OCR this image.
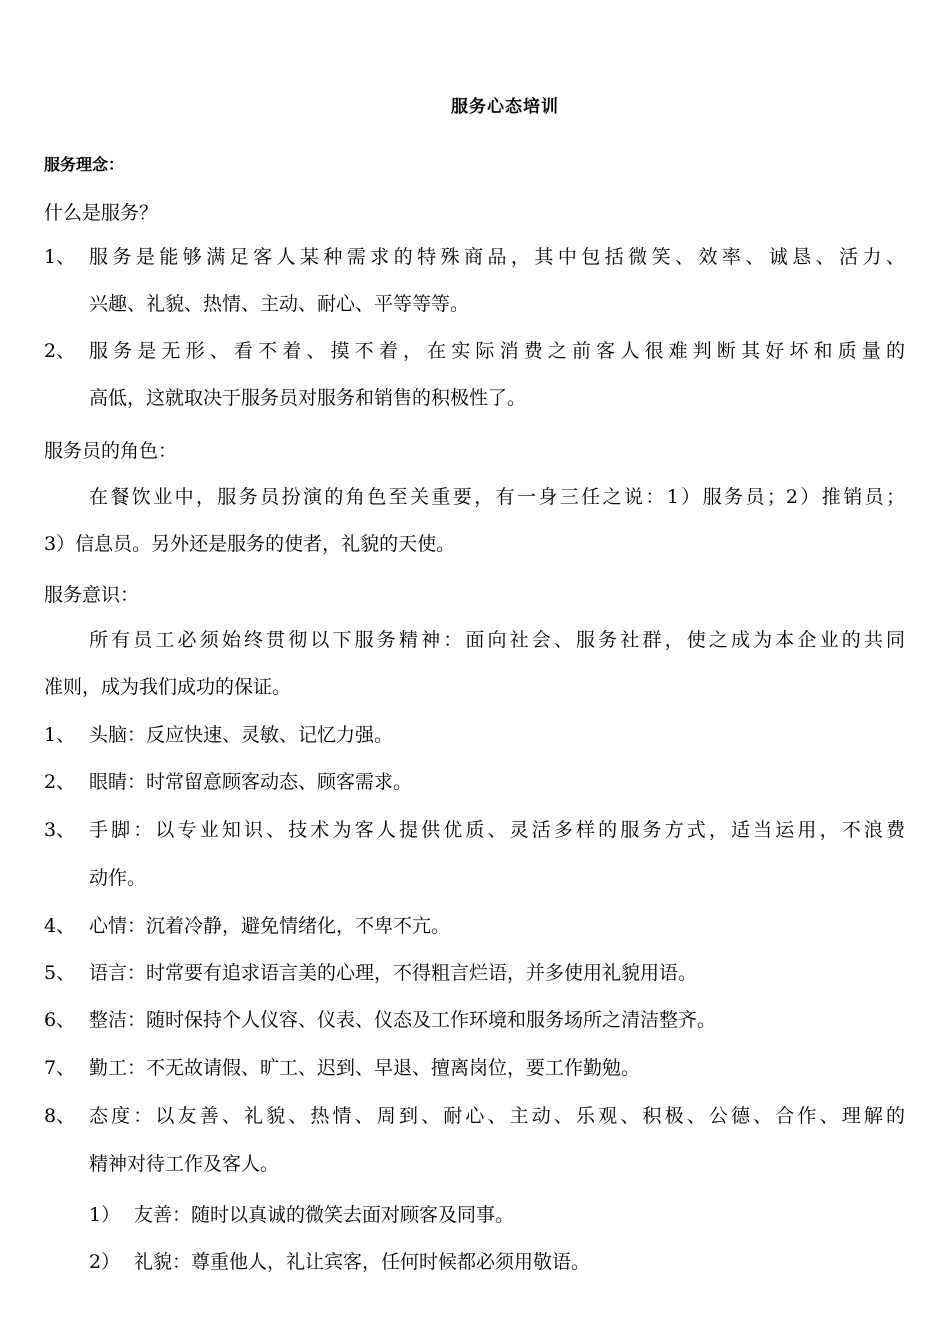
服务心态培训
服务理念：
什么是服务？
1、 服务是能够满足客人某种需求的特殊商品，其中包括微笑、效率、诚恳、活力、
兴趣、礼貌、热情、主动、耐心、平等等等。
2、 服务是无形、看不着、摸不着，在实际消费之前客人很难判断其好坏和质量的
高低，这就取决于服务员对服务和销售的积极性了。
服务员的角色：
在餐饮业中，服务员扮演的角色至关重要，有一身三任之说：1）服务员；2）推销员；
3）信息员。另外还是服务的使者，礼貌的天使。
服务意识：
所有员工必须始终贯彻以下服务精神：面向社会、服务社群，使之成为本企业的共同
准则，成为我们成功的保证。
1、 头脑：反应快速、灵敏、记忆力强。
2、 眼睛：时常留意顾客动态、顾客需求。
3、 手脚：以专业知识、技术为客人提供优质、灵活多样的服务方式，适当运用，不浪费
动作。
4、 心情：沉着冷静，避免情绪化，不卑不亢。
5、 语言：时常要有追求语言美的心理，不得粗言烂语，并多使用礼貌用语。
6、 整洁：随时保持个人仪容、仪表、仪态及工作环境和服务场所之清洁整齐。
7、 勤工：不无故请假、旷工、迟到、早退、擅离岗位，要工作勤勉。
8、 态度：以友善、礼貌、热情、周到、耐心、主动、乐观、积极、公德、合作、理解的
精神对待工作及客人。
1） 友善：随时以真诚的微笑去面对顾客及同事。
2） 礼貌：尊重他人，礼让宾客，任何时候都必须用敬语。
